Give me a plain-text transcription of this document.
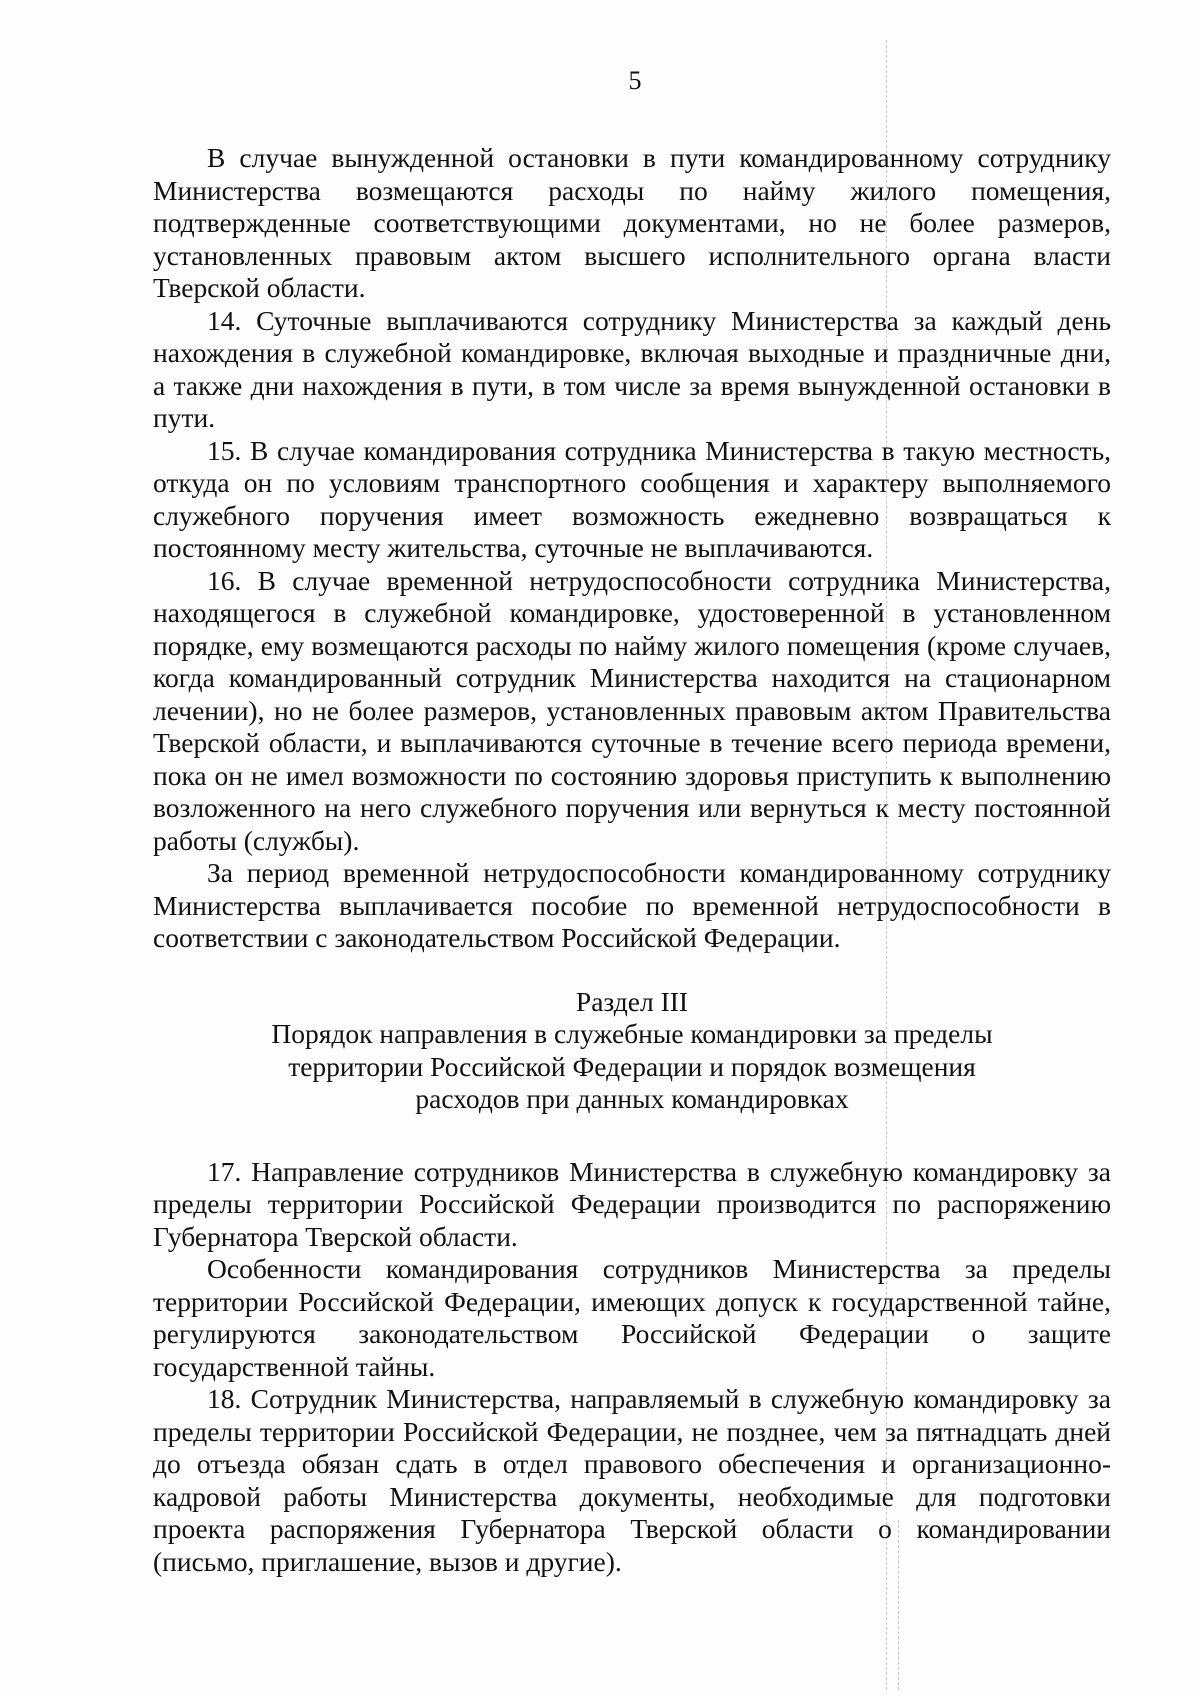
5

В случае вынужденной остановки в пути командированному сотруднику Министерства возмещаются расходы по найму жилого помещения, подтвержденные соответствующими документами, но не более размеров, установленных правовым актом высшего исполнительного органа власти Тверской области.

14. Суточные выплачиваются сотруднику Министерства за каждый день нахождения в служебной командировке, включая выходные и праздничные дни, а также дни нахождения в пути, в том числе за время вынужденной остановки в пути.

15. В случае командирования сотрудника Министерства в такую местность, откуда он по условиям транспортного сообщения и характеру выполняемого служебного поручения имеет возможность ежедневно возвращаться к постоянному месту жительства, суточные не выплачиваются.

16. В случае временной нетрудоспособности сотрудника Министерства, находящегося в служебной командировке, удостоверенной в установленном порядке, ему возмещаются расходы по найму жилого помещения (кроме случаев, когда командированный сотрудник Министерства находится на стационарном лечении), но не более размеров, установленных правовым актом Правительства Тверской области, и выплачиваются суточные в течение всего периода времени, пока он не имел возможности по состоянию здоровья приступить к выполнению возложенного на него служебного поручения или вернуться к месту постоянной работы (службы).

За период временной нетрудоспособности командированному сотруднику Министерства выплачивается пособие по временной нетрудоспособности в соответствии с законодательством Российской Федерации.

Раздел III

Порядок направления в служебные командировки за пределы

территории Российской Федерации и порядок возмещения

расходов при данных командировках

17. Направление сотрудников Министерства в служебную командировку за пределы территории Российской Федерации производится по распоряжению Губернатора Тверской области.

Особенности командирования сотрудников Министерства за пределы территории Российской Федерации, имеющих допуск к государственной тайне, регулируются законодательством Российской Федерации о защите государственной тайны.

18. Сотрудник Министерства, направляемый в служебную командировку за пределы территории Российской Федерации, не позднее, чем за пятнадцать дней до отъезда обязан сдать в отдел правового обеспечения и организационно-кадровой работы Министерства документы, необходимые для подготовки проекта распоряжения Губернатора Тверской области о командировании (письмо, приглашение, вызов и другие).
